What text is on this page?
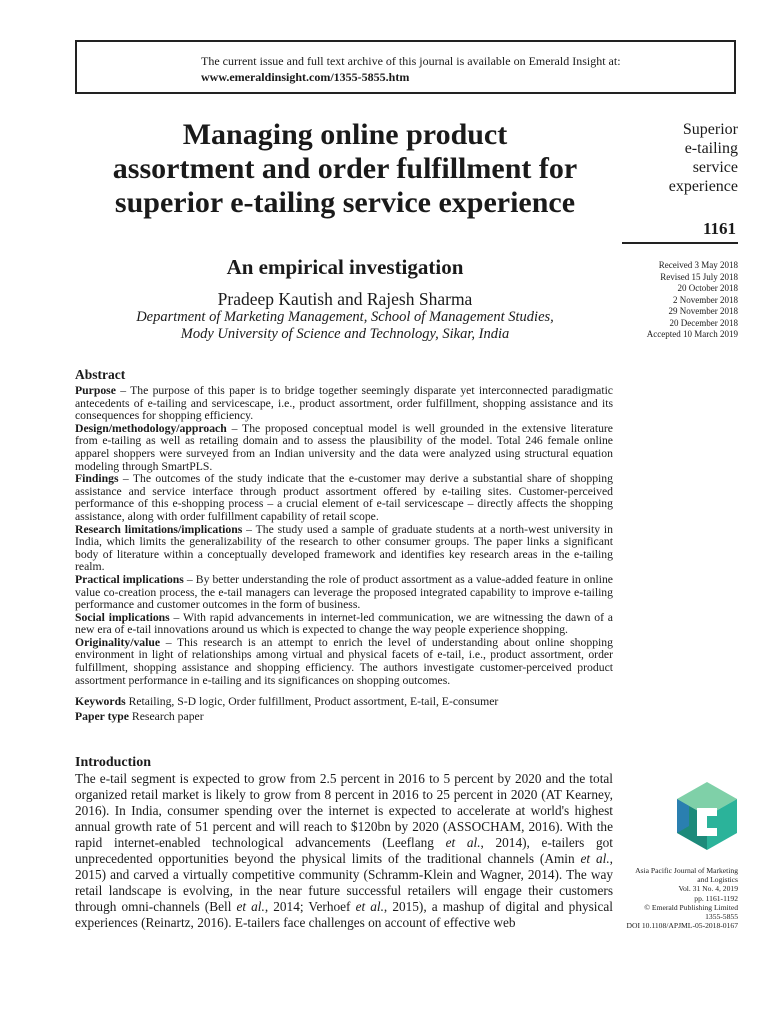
The current issue and full text archive of this journal is available on Emerald Insight at:
www.emeraldinsight.com/1355-5855.htm
Managing online product assortment and order fulfillment for superior e-tailing service experience
An empirical investigation
Pradeep Kautish and Rajesh Sharma
Department of Marketing Management, School of Management Studies,
Mody University of Science and Technology, Sikar, India
Superior
e-tailing
service
experience
1161
Received 3 May 2018
Revised 15 July 2018
20 October 2018
2 November 2018
29 November 2018
20 December 2018
Accepted 10 March 2019
Abstract

Purpose – The purpose of this paper is to bridge together seemingly disparate yet interconnected paradigmatic antecedents of e-tailing and servicescape, i.e., product assortment, order fulfillment, shopping assistance and its consequences for shopping efficiency.

Design/methodology/approach – The proposed conceptual model is well grounded in the extensive literature from e-tailing as well as retailing domain and to assess the plausibility of the model. Total 246 female online apparel shoppers were surveyed from an Indian university and the data were analyzed using structural equation modeling through SmartPLS.

Findings – The outcomes of the study indicate that the e-customer may derive a substantial share of shopping assistance and service interface through product assortment offered by e-tailing sites. Customer-perceived performance of this e-shopping process – a crucial element of e-tail servicescape – directly affects the shopping assistance, along with order fulfillment capability of retail scope.

Research limitations/implications – The study used a sample of graduate students at a north-west university in India, which limits the generalizability of the research to other consumer groups. The paper links a significant body of literature within a conceptually developed framework and identifies key research areas in the e-tailing realm.

Practical implications – By better understanding the role of product assortment as a value-added feature in online value co-creation process, the e-tail managers can leverage the proposed integrated capability to improve e-tailing performance and customer outcomes in the form of business.

Social implications – With rapid advancements in internet-led communication, we are witnessing the dawn of a new era of e-tail innovations around us which is expected to change the way people experience shopping.

Originality/value – This research is an attempt to enrich the level of understanding about online shopping environment in light of relationships among virtual and physical facets of e-tail, i.e., product assortment, order fulfillment, shopping assistance and shopping efficiency. The authors investigate customer-perceived product assortment performance in e-tailing and its significances on shopping outcomes.

Keywords Retailing, S-D logic, Order fulfillment, Product assortment, E-tail, E-consumer

Paper type Research paper

Introduction

The e-tail segment is expected to grow from 2.5 percent in 2016 to 5 percent by 2020 and the total organized retail market is likely to grow from 8 percent in 2016 to 25 percent in 2020 (AT Kearney, 2016). In India, consumer spending over the internet is expected to accelerate at world's highest annual growth rate of 51 percent and will reach to $120bn by 2020 (ASSOCHAM, 2016). With the rapid internet-enabled technological advancements (Leeflang et al., 2014), e-tailers got unprecedented opportunities beyond the physical limits of the traditional channels (Amin et al., 2015) and carved a virtually competitive community (Schramm-Klein and Wagner, 2014). The way retail landscape is evolving, in the near future successful retailers will engage their customers through omni-channels (Bell et al., 2014; Verhoef et al., 2015), a mashup of digital and physical experiences (Reinartz, 2016). E-tailers face challenges on account of effective web

Asia Pacific Journal of Marketing
and Logistics
Vol. 31 No. 4, 2019
pp. 1161-1192
© Emerald Publishing Limited
1355-5855
DOI 10.1108/APJML-05-2018-0167
